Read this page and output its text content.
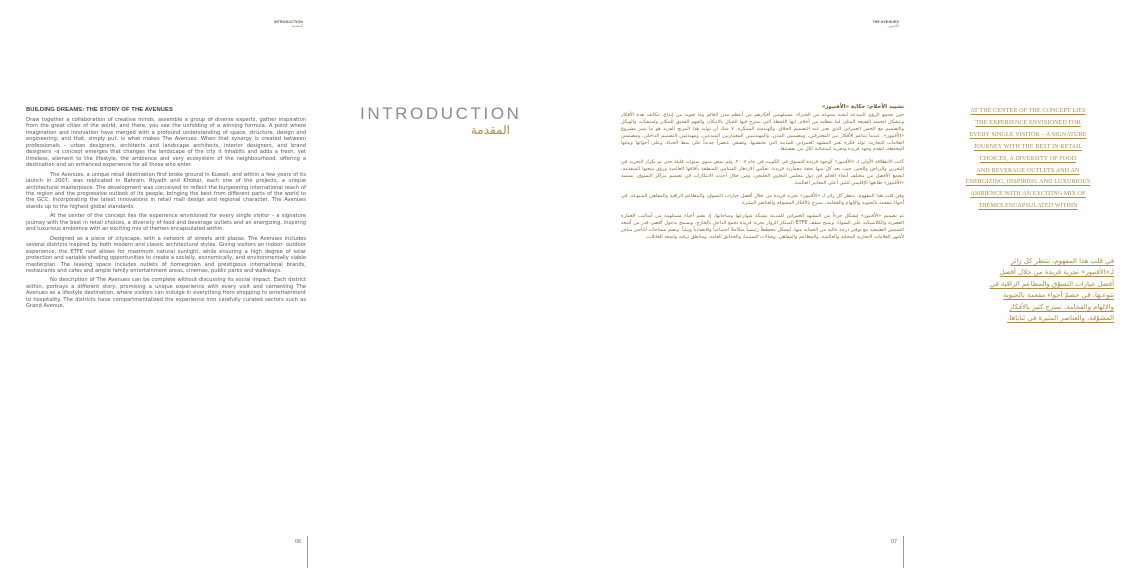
INTRODUCTION
المقدمة
BUILDING DREAMS: THE STORY OF THE AVENUES

Draw together a collaboration of creative minds, assemble a group of diverse experts, gather inspiration from the great cities of the world, and there, you see the unfolding of a winning formula. A point where imagination and innovation have merged with a profound understanding of space, structure, design and engineering; and that, simply put, is what makes The Avenues. When that synergy is created between professionals – urban designers, architects and landscape architects, interior designers, and brand designers –a concept emerges that changes the landscape of the city it inhabits and adds a fresh, yet timeless, element to the lifestyle, the ambience and very ecosystem of the neighbourhood, offering a destination and an enhanced experience for all those who enter.

The Avenues, a unique retail destination first broke ground in Kuwait, and within a few years of its launch in 2007, was replicated in Bahrain, Riyadh and Khobar, each one of the projects, a unique architectural masterpiece. The development was conceived to reflect the burgeoning international reach of the region and the progressive outlook of its people, bringing the best from different parts of the world to the GCC. Incorporating the latest innovations in retail mall design and regional character, The Avenues stands up to the highest global standards.

At the center of the concept lies the experience envisioned for every single visitor – a signature journey with the best in retail choices, a diversity of food and beverage outlets and an energizing, inspiring and luxurious ambience with an exciting mix of themes encapsulated within.

Designed as a piece of cityscape, with a network of streets and plazas, The Avenues includes several districts inspired by both modern and classic architectural styles. Giving visitors an indoor- outdoor experience, the ETFE roof allows for maximum natural sunlight, while ensuring a high degree of solar protection and variable shading opportunities to create a socially, economically, and environmentally viable masterplan. The leasing space includes outlets of homegrown and prestigious international brands, restaurants and cafes and ample family entertainment areas, cinemas, public parks and walkways.

No description of The Avenues can be complete without discussing its social impact. Each district within, portrays a different story, promising a unique experience with every visit and cementing The Avenues as a lifestyle destination, where visitors can indulge in everything from shopping to entertainment to hospitality. The districts have compartmentalized the experience into carefully curated sectors such as Grand Avenue,

INTRODUCTION
المقدمة
06
THE AVENUES
الأفنيوز
07
تشييد الأحلام: حكاية «الأفنيوز»

حين تجتمع الرؤى المبدعة لنخبة متنوعة من الخبراء، مستلهمين أفكارهم من أعظم مدن العالم وما تحويه من إبداع، تتكاتف هذه الأفكار وتتشكل لتجسد الصيغة المثلى لما تتطلبه من أحلام. إنها اللحظة التي تمتزج فيها الخيال بالابتكار، والفهم العميق للمكان ولمنشآته، والهيكل والتصميم مع الحس العمراني الذي يعبر عنه التصميم الخلاق، والهندسة المبتكرة. لا شك أن توليد هذا المزيج الفريد هو ما يميز مشروع «الأفنيوز». عندما تتناغم الأفكار بين المحترفين، ومصممي المدن، والمهندسين المعماريين المبدعين، ومهندسي التصميم الداخلي، ومصممي العلامات التجارية، تولد فكرة تغير المشهد العمراني للمدينة التي تحتضنها، وتضفي عنصراً جديداً على نمط الحياة، وعلى أجوائها وبيئتها المحيطة، لتقدم وجهة فريدة وتجربة استثنائية لكل من يقصدها.

كانت الانطلاقة الأولى لـ «الأفنيوز» كوجهة فريدة للتسوق في الكويت في عام ٢٠٠٧، ولم تمض سوى سنوات قليلة حتى تم تكرار التجربة في البحرين والرياض والخبر، حيث يعد كل منها تحفة معمارية فريدة، تعكس الازدهار المتنامي للمنطقة بآفاقها العالمية ورؤى شعبها المتقدمة، لتجمع الأفضل من مختلف أنحاء العالم في دول مجلس التعاون الخليجي. ومن خلال أحدث الابتكارات في تصميم مراكز التسوق، تستمد «الأفنيوز» طابعها الإقليمي لتلبي أعلى المعايير العالمية.

وفي قلب هذا المفهوم، تنتظر كل زائر لـ «الأفنيوز» تجربة فريدة من خلال أفضل خيارات التسوق، والمطاعم الراقية والمقاهي المتنوعة، في أجواء مفعمة بالحيوية والإلهام والفخامة، تمتزج بالأفكار المشوقة والعناصر المثيرة.

تم تصميم «الأفنيوز» ليشكل جزءاً من المشهد العمراني للمدينة بشبكة شوارعها وساحاتها، إذ يضم أحياء مستلهمة من أساليب العمارة العصرية والكلاسيكية على السواء. ويمنح سقف ETFE المبتكر الزوار تجربة فريدة تجمع الداخل بالخارج، ويسمح بدخول أقصى قدر من أشعة الشمس الطبيعية مع توفير درجة عالية من الحماية منها، ليشكل مخططاً رئيسياً متكاملاً اجتماعياً واقتصادياً وبيئياً. وتضم مساحات التأجير متاجر لأشهر العلامات التجارية المحلية والعالمية، والمطاعم والمقاهي، وصالات السينما، والحدائق العامة، ومناطق ترفيه واسعة للعائلات.

AT THE CENTER OF THE CONCEPT LIES
THE EXPERIENCE ENVISIONED FOR
EVERY SINGLE VISITOR – A SIGNATURE
JOURNEY WITH THE BEST IN RETAIL
CHOICES, A DIVERSITY OF FOOD
AND BEVERAGE OUTLETS AND AN
ENERGIZING, INSPIRING AND LUXURIOUS
AMBIENCE WITH AN EXCITING MIX OF
THEMES ENCAPSULATED WITHIN
في قلب هذا المفهوم، تنتظر كل زائر
لـ«الأفنيوز» تجربة فريدة من خلال أفضل
أفضل خيارات التسوّق والمطاعم الراقية في
تتوعـها، في خضمّ أجواء مفعمة بالحيوية
والإلهام والفخامة، تمتزج كثير بالأفكار
المشوّقة، والعناصر المثيرة في ثناياها.
